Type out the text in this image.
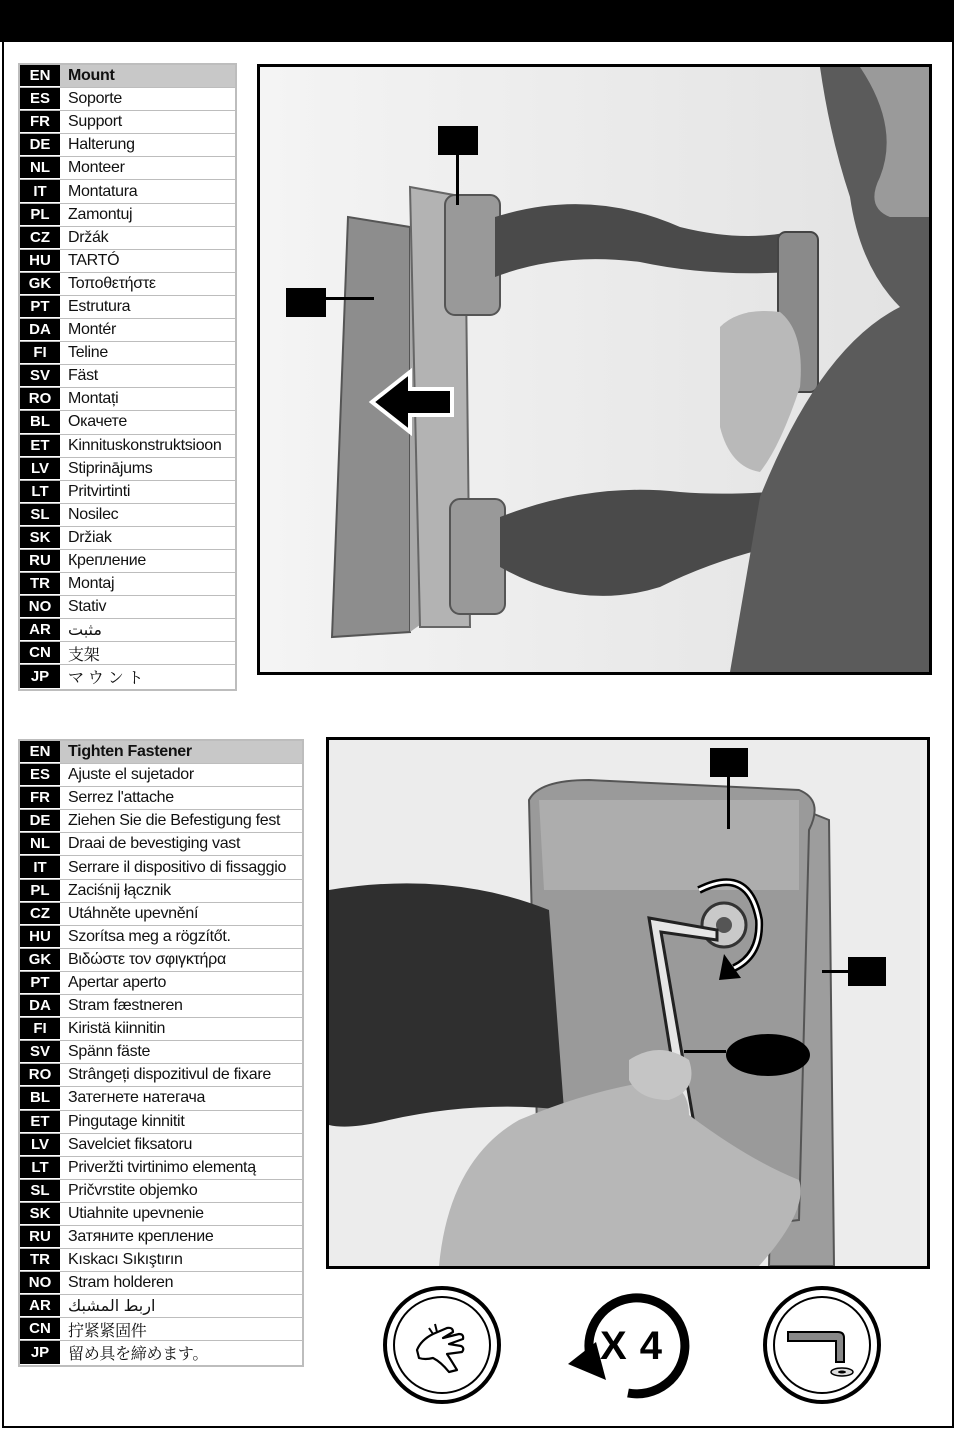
EN	Mount
ES	Soporte
FR	Support
DE	Halterung
NL	Monteer
IT	Montatura
PL	Zamontuj
CZ	Držák
HU	TARTÓ
GK	Τοποθετήστε
PT	Estrutura
DA	Montér
FI	Teline
SV	Fäst
RO	Montați
BL	Окачете
ET	Kinnituskonstruktsioon
LV	Stiprinājums
LT	Pritvirtinti
SL	Nosilec
SK	Držiak
RU	Крепление
TR	Montaj
NO	Stativ
AR	مثبت
CN	支架
JP	マ ウ ン ト
EN	Tighten Fastener
ES	Ajuste el sujetador
FR	Serrez l'attache
DE	Ziehen Sie die Befestigung fest
NL	Draai de bevestiging vast
IT	Serrare il dispositivo di fissaggio
PL	Zaciśnij łącznik
CZ	Utáhněte upevnění
HU	Szorítsa meg a rögzítőt.
GK	Βιδώστε τον σφιγκτήρα
PT	Apertar aperto
DA	Stram fæstneren
FI	Kiristä kiinnitin
SV	Spänn fäste
RO	Strângeți dispozitivul de fixare
BL	Затегнете натегача
ET	Pingutage kinnitit
LV	Savelciet fiksatoru
LT	Priveržti tvirtinimo elementą
SL	Pričvrstite objemko
SK	Utiahnite upevnenie
RU	Затяните крепление
TR	Kıskacı Sıkıştırın
NO	Stram holderen
AR	اربط المشبك
CN	拧紧紧固件
JP	留め具を締めます。	X 4
